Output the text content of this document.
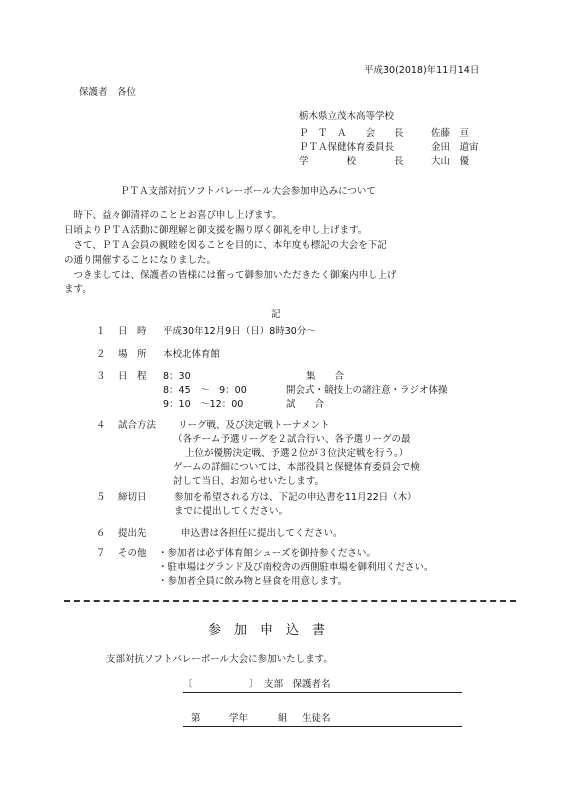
平成30(2018)年11月14日
保護者　各位
栃木県立茂木高等学校
Ｐ　Ｔ　Ａ　　会　　長	佐藤　亘
ＰＴＡ保健体育委員長	金田　道宙
学　　　　校　　　　長	大山　優
ＰＴＡ支部対抗ソフトバレーボール大会参加申込みについて
　時下、益々御清祥のこととお喜び申し上げます。
日頃よりＰＴＡ活動に御理解と御支援を賜り厚く御礼を申し上げます。
　さて、ＰＴＡ会員の親睦を図ることを目的に、本年度も標記の大会を下記
の通り開催することになりました。
　つきましては、保護者の皆様には奮って御参加いただきたく御案内申し上げ
ます。
記
１ 日　時 平成30年12月9日（日）8時30分～
２ 場　所 本校北体育館
３ 日　程 8：30	集　　合
8：45　～　9：00	開会式・競技上の諸注意・ラジオ体操
9：10　～12：00	試　　合
４ 試合方法 リーグ戦、及び決定戦トーナメント
（各チーム予選リーグを２試合行い、各予選リーグの最
上位が優勝決定戦、予選２位が３位決定戦を行う。）
ゲームの詳細については、本部役員と保健体育委員会で検
討して当日、お知らせいたします。
５ 締切日	参加を希望される方は、下記の申込書を11月22日（木）
までに提出してください。
６ 提出先	申込書は各担任に提出してください。
７ その他 ・参加者は必ず体育館シューズを御持参ください。
・駐車場はグランド及び南校舎の西側駐車場を御利用ください。
・参加者全員に飲み物と昼食を用意します。
参　加　申　込　書
支部対抗ソフトバレーボール大会に参加いたします。
〔	〕 支部　保護者名
第	学年	組 生徒名
